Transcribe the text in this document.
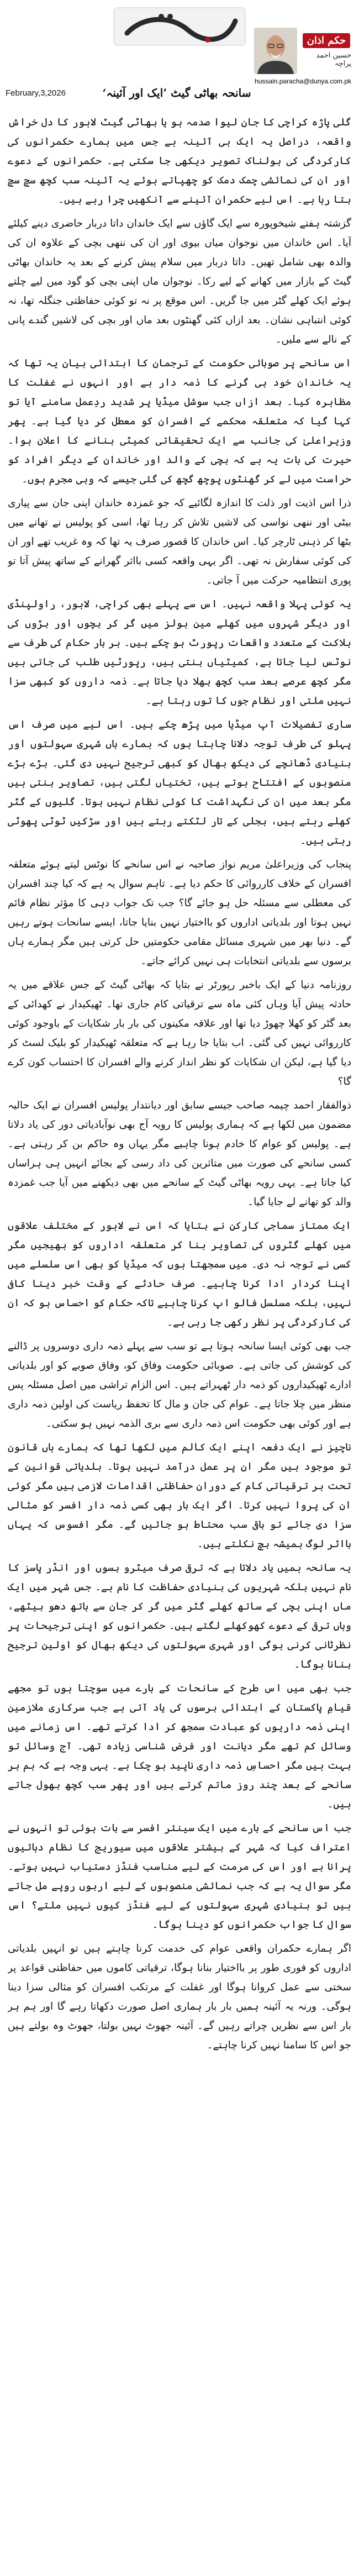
حکم اذان
حسین احمد پراچہ
hussain.paracha@dunya.com.pk
February,3,2026	سانحہ بھاٹی گیٹ ’ایک اور آئینہ‘

گلی پاڑہ کراچی کا جان لیوا صدمہ ہو یا بھاٹی گیٹ لاہور کا دل خراش واقعہ، دراصل یہ ایک ہی آئینہ ہے جس میں ہمارے حکمرانوں کی کارکردگی کی ہولناک تصویر دیکھی جا سکتی ہے۔ حکمرانوں کے دعوے اور ان کی نمائشی چمک دمک کو چھپاتے ہوئے یہ آئینہ سب کچھ سچ سچ بتا رہا ہے۔ اس لیے حکمران آئینے سے آنکھیں چرا رہے ہیں۔

گزشتہ ہفتے شیخوپورہ سے ایک گاؤں سے ایک خاندان داتا دربار حاضری دینے کیلئے آیا۔ اس خاندان میں نوجوان میاں بیوی اور ان کی ننھی بچی کے علاوہ ان کی والدہ بھی شامل تھیں۔ داتا دربار میں سلام پیش کرنے کے بعد یہ خاندان بھاٹی گیٹ کے بازار میں کھانے کے لیے رکا۔ نوجوان ماں اپنی بچی کو گود میں لیے چلتے ہوئے ایک کھلے گٹر میں جا گریں۔ اس موقع پر نہ تو کوئی حفاظتی جنگلہ تھا، نہ کوئی انتباہی نشان۔ بعد ازاں کئی گھنٹوں بعد ماں اور بچی کی لاشیں گندے پانی کے نالے سے ملیں۔

اس سانحے پر صوبائی حکومت کے ترجمان کا ابتدائی بیان یہ تھا کہ یہ خاندان خود ہی گرنے کا ذمہ دار ہے اور انہوں نے غفلت کا مظاہرہ کیا۔ بعد ازاں جب سوشل میڈیا پر شدید ردِعمل سامنے آیا تو کہا گیا کہ متعلقہ محکمے کے افسران کو معطل کر دیا گیا ہے۔ پھر وزیراعلیٰ کی جانب سے ایک تحقیقاتی کمیٹی بنانے کا اعلان ہوا۔ حیرت کی بات یہ ہے کہ بچی کے والد اور خاندان کے دیگر افراد کو حراست میں لے کر گھنٹوں پوچھ گچھ کی گئی جیسے کہ وہی مجرم ہوں۔

ذرا اس اذیت اور ذلت کا اندازہ لگائیے کہ جو غمزدہ خاندان اپنی جان سے پیاری بیٹی اور ننھی نواسی کی لاشیں تلاش کر رہا تھا، اسی کو پولیس نے تھانے میں بٹھا کر ذہنی ٹارچر کیا۔ اس خاندان کا قصور صرف یہ تھا کہ وہ غریب تھے اور ان کی کوئی سفارش نہ تھی۔ اگر یہی واقعہ کسی بااثر گھرانے کے ساتھ پیش آتا تو پوری انتظامیہ حرکت میں آ جاتی۔

یہ کوئی پہلا واقعہ نہیں۔ اس سے پہلے بھی کراچی، لاہور، راولپنڈی اور دیگر شہروں میں کھلے مین ہولز میں گر کر بچوں اور بڑوں کی ہلاکت کے متعدد واقعات رپورٹ ہو چکے ہیں۔ ہر بار حکام کی طرف سے نوٹس لیا جاتا ہے، کمیٹیاں بنتی ہیں، رپورٹیں طلب کی جاتی ہیں مگر کچھ عرصے بعد سب کچھ بھلا دیا جاتا ہے۔ ذمہ داروں کو کبھی سزا نہیں ملتی اور نظام جوں کا توں رہتا ہے۔

ساری تفصیلات آپ میڈیا میں پڑھ چکے ہیں۔ اس لیے میں صرف اس پہلو کی طرف توجہ دلانا چاہتا ہوں کہ ہمارے ہاں شہری سہولتوں اور بنیادی ڈھانچے کی دیکھ بھال کو کبھی ترجیح نہیں دی گئی۔ بڑے بڑے منصوبوں کے افتتاح ہوتے ہیں، تختیاں لگتی ہیں، تصاویر بنتی ہیں مگر بعد میں ان کی نگہداشت کا کوئی نظام نہیں ہوتا۔ گلیوں کے گٹر کھلے رہتے ہیں، بجلی کے تار لٹکتے رہتے ہیں اور سڑکیں ٹوٹی پھوٹی رہتی ہیں۔

پنجاب کی وزیراعلیٰ مریم نواز صاحبہ نے اس سانحے کا نوٹس لیتے ہوئے متعلقہ افسران کے خلاف کارروائی کا حکم دیا ہے۔ تاہم سوال یہ ہے کہ کیا چند افسران کی معطلی سے مسئلہ حل ہو جائے گا؟ جب تک جواب دہی کا مؤثر نظام قائم نہیں ہوتا اور بلدیاتی اداروں کو بااختیار نہیں بنایا جاتا، ایسے سانحات ہوتے رہیں گے۔ دنیا بھر میں شہری مسائل مقامی حکومتیں حل کرتی ہیں مگر ہمارے ہاں برسوں سے بلدیاتی انتخابات ہی نہیں کرائے جاتے۔

روزنامہ دنیا کے ایک باخبر رپورٹر نے بتایا کہ بھاٹی گیٹ کے جس علاقے میں یہ حادثہ پیش آیا وہاں کئی ماہ سے ترقیاتی کام جاری تھا۔ ٹھیکیدار نے کھدائی کے بعد گٹر کو کھلا چھوڑ دیا تھا اور علاقہ مکینوں کی بار بار شکایات کے باوجود کوئی کارروائی نہیں کی گئی۔ اب بتایا جا رہا ہے کہ متعلقہ ٹھیکیدار کو بلیک لسٹ کر دیا گیا ہے، لیکن ان شکایات کو نظر انداز کرنے والے افسران کا احتساب کون کرے گا؟

ذوالفقار احمد چیمہ صاحب جیسے سابق اور دیانتدار پولیس افسران نے ایک حالیہ مضمون میں لکھا ہے کہ ہماری پولیس کا رویہ آج بھی نوآبادیاتی دور کی یاد دلاتا ہے۔ پولیس کو عوام کا خادم ہونا چاہیے مگر یہاں وہ حاکم بن کر رہتی ہے۔ کسی سانحے کی صورت میں متاثرین کی داد رسی کے بجائے انہیں ہی ہراساں کیا جاتا ہے۔ یہی رویہ بھاٹی گیٹ کے سانحے میں بھی دیکھنے میں آیا جب غمزدہ والد کو تھانے لے جایا گیا۔

ایک ممتاز سماجی کارکن نے بتایا کہ اس نے لاہور کے مختلف علاقوں میں کھلے گٹروں کی تصاویر بنا کر متعلقہ اداروں کو بھیجیں مگر کسی نے توجہ نہ دی۔ میں سمجھتا ہوں کہ میڈیا کو بھی اس سلسلے میں اپنا کردار ادا کرنا چاہیے۔ صرف حادثے کے وقت خبر دینا کافی نہیں، بلکہ مسلسل فالو اپ کرنا چاہیے تاکہ حکام کو احساس ہو کہ ان کی کارکردگی پر نظر رکھی جا رہی ہے۔

جب بھی کوئی ایسا سانحہ ہوتا ہے تو سب سے پہلے ذمہ داری دوسروں پر ڈالنے کی کوشش کی جاتی ہے۔ صوبائی حکومت وفاق کو، وفاق صوبے کو اور بلدیاتی ادارے ٹھیکیداروں کو ذمہ دار ٹھہراتے ہیں۔ اس الزام تراشی میں اصل مسئلہ پس منظر میں چلا جاتا ہے۔ عوام کی جان و مال کا تحفظ ریاست کی اولین ذمہ داری ہے اور کوئی بھی حکومت اس ذمہ داری سے بری الذمہ نہیں ہو سکتی۔

ناچیز نے ایک دفعہ اپنے ایک کالم میں لکھا تھا کہ ہمارے ہاں قانون تو موجود ہیں مگر ان پر عمل درآمد نہیں ہوتا۔ بلدیاتی قوانین کے تحت ہر ترقیاتی کام کے دوران حفاظتی اقدامات لازمی ہیں مگر کوئی ان کی پروا نہیں کرتا۔ اگر ایک بار بھی کسی ذمہ دار افسر کو مثالی سزا دی جائے تو باقی سب محتاط ہو جائیں گے۔ مگر افسوس کہ یہاں بااثر لوگ ہمیشہ بچ نکلتے ہیں۔

یہ سانحہ ہمیں یاد دلاتا ہے کہ ترقی صرف میٹرو بسوں اور انڈر پاسز کا نام نہیں بلکہ شہریوں کی بنیادی حفاظت کا نام ہے۔ جس شہر میں ایک ماں اپنی بچی کے ساتھ کھلے گٹر میں گر کر جان سے ہاتھ دھو بیٹھے، وہاں ترقی کے دعوے کھوکھلے لگتے ہیں۔ حکمرانوں کو اپنی ترجیحات پر نظرثانی کرنی ہوگی اور شہری سہولتوں کی دیکھ بھال کو اولین ترجیح بنانا ہوگا۔

جب بھی میں اس طرح کے سانحات کے بارے میں سوچتا ہوں تو مجھے قیامِ پاکستان کے ابتدائی برسوں کی یاد آتی ہے جب سرکاری ملازمین اپنی ذمہ داریوں کو عبادت سمجھ کر ادا کرتے تھے۔ اس زمانے میں وسائل کم تھے مگر دیانت اور فرض شناسی زیادہ تھی۔ آج وسائل تو بہت ہیں مگر احساسِ ذمہ داری ناپید ہو چکا ہے۔ یہی وجہ ہے کہ ہم ہر سانحے کے بعد چند روز ماتم کرتے ہیں اور پھر سب کچھ بھول جاتے ہیں۔

جب اس سانحے کے بارے میں ایک سینئر افسر سے بات ہوئی تو انہوں نے اعتراف کیا کہ شہر کے بیشتر علاقوں میں سیوریج کا نظام دہائیوں پرانا ہے اور اس کی مرمت کے لیے مناسب فنڈز دستیاب نہیں ہوتے۔ مگر سوال یہ ہے کہ جب نمائشی منصوبوں کے لیے اربوں روپے مل جاتے ہیں تو بنیادی شہری سہولتوں کے لیے فنڈز کیوں نہیں ملتے؟ اس سوال کا جواب حکمرانوں کو دینا ہوگا۔

اگر ہمارے حکمران واقعی عوام کی خدمت کرنا چاہتے ہیں تو انہیں بلدیاتی اداروں کو فوری طور پر بااختیار بنانا ہوگا، ترقیاتی کاموں میں حفاظتی قواعد پر سختی سے عمل کروانا ہوگا اور غفلت کے مرتکب افسران کو مثالی سزا دینا ہوگی۔ ورنہ یہ آئینہ ہمیں بار بار ہماری اصل صورت دکھاتا رہے گا اور ہم ہر بار اس سے نظریں چراتے رہیں گے۔ آئینہ جھوٹ نہیں بولتا، جھوٹ وہ بولتے ہیں جو اس کا سامنا نہیں کرنا چاہتے۔
